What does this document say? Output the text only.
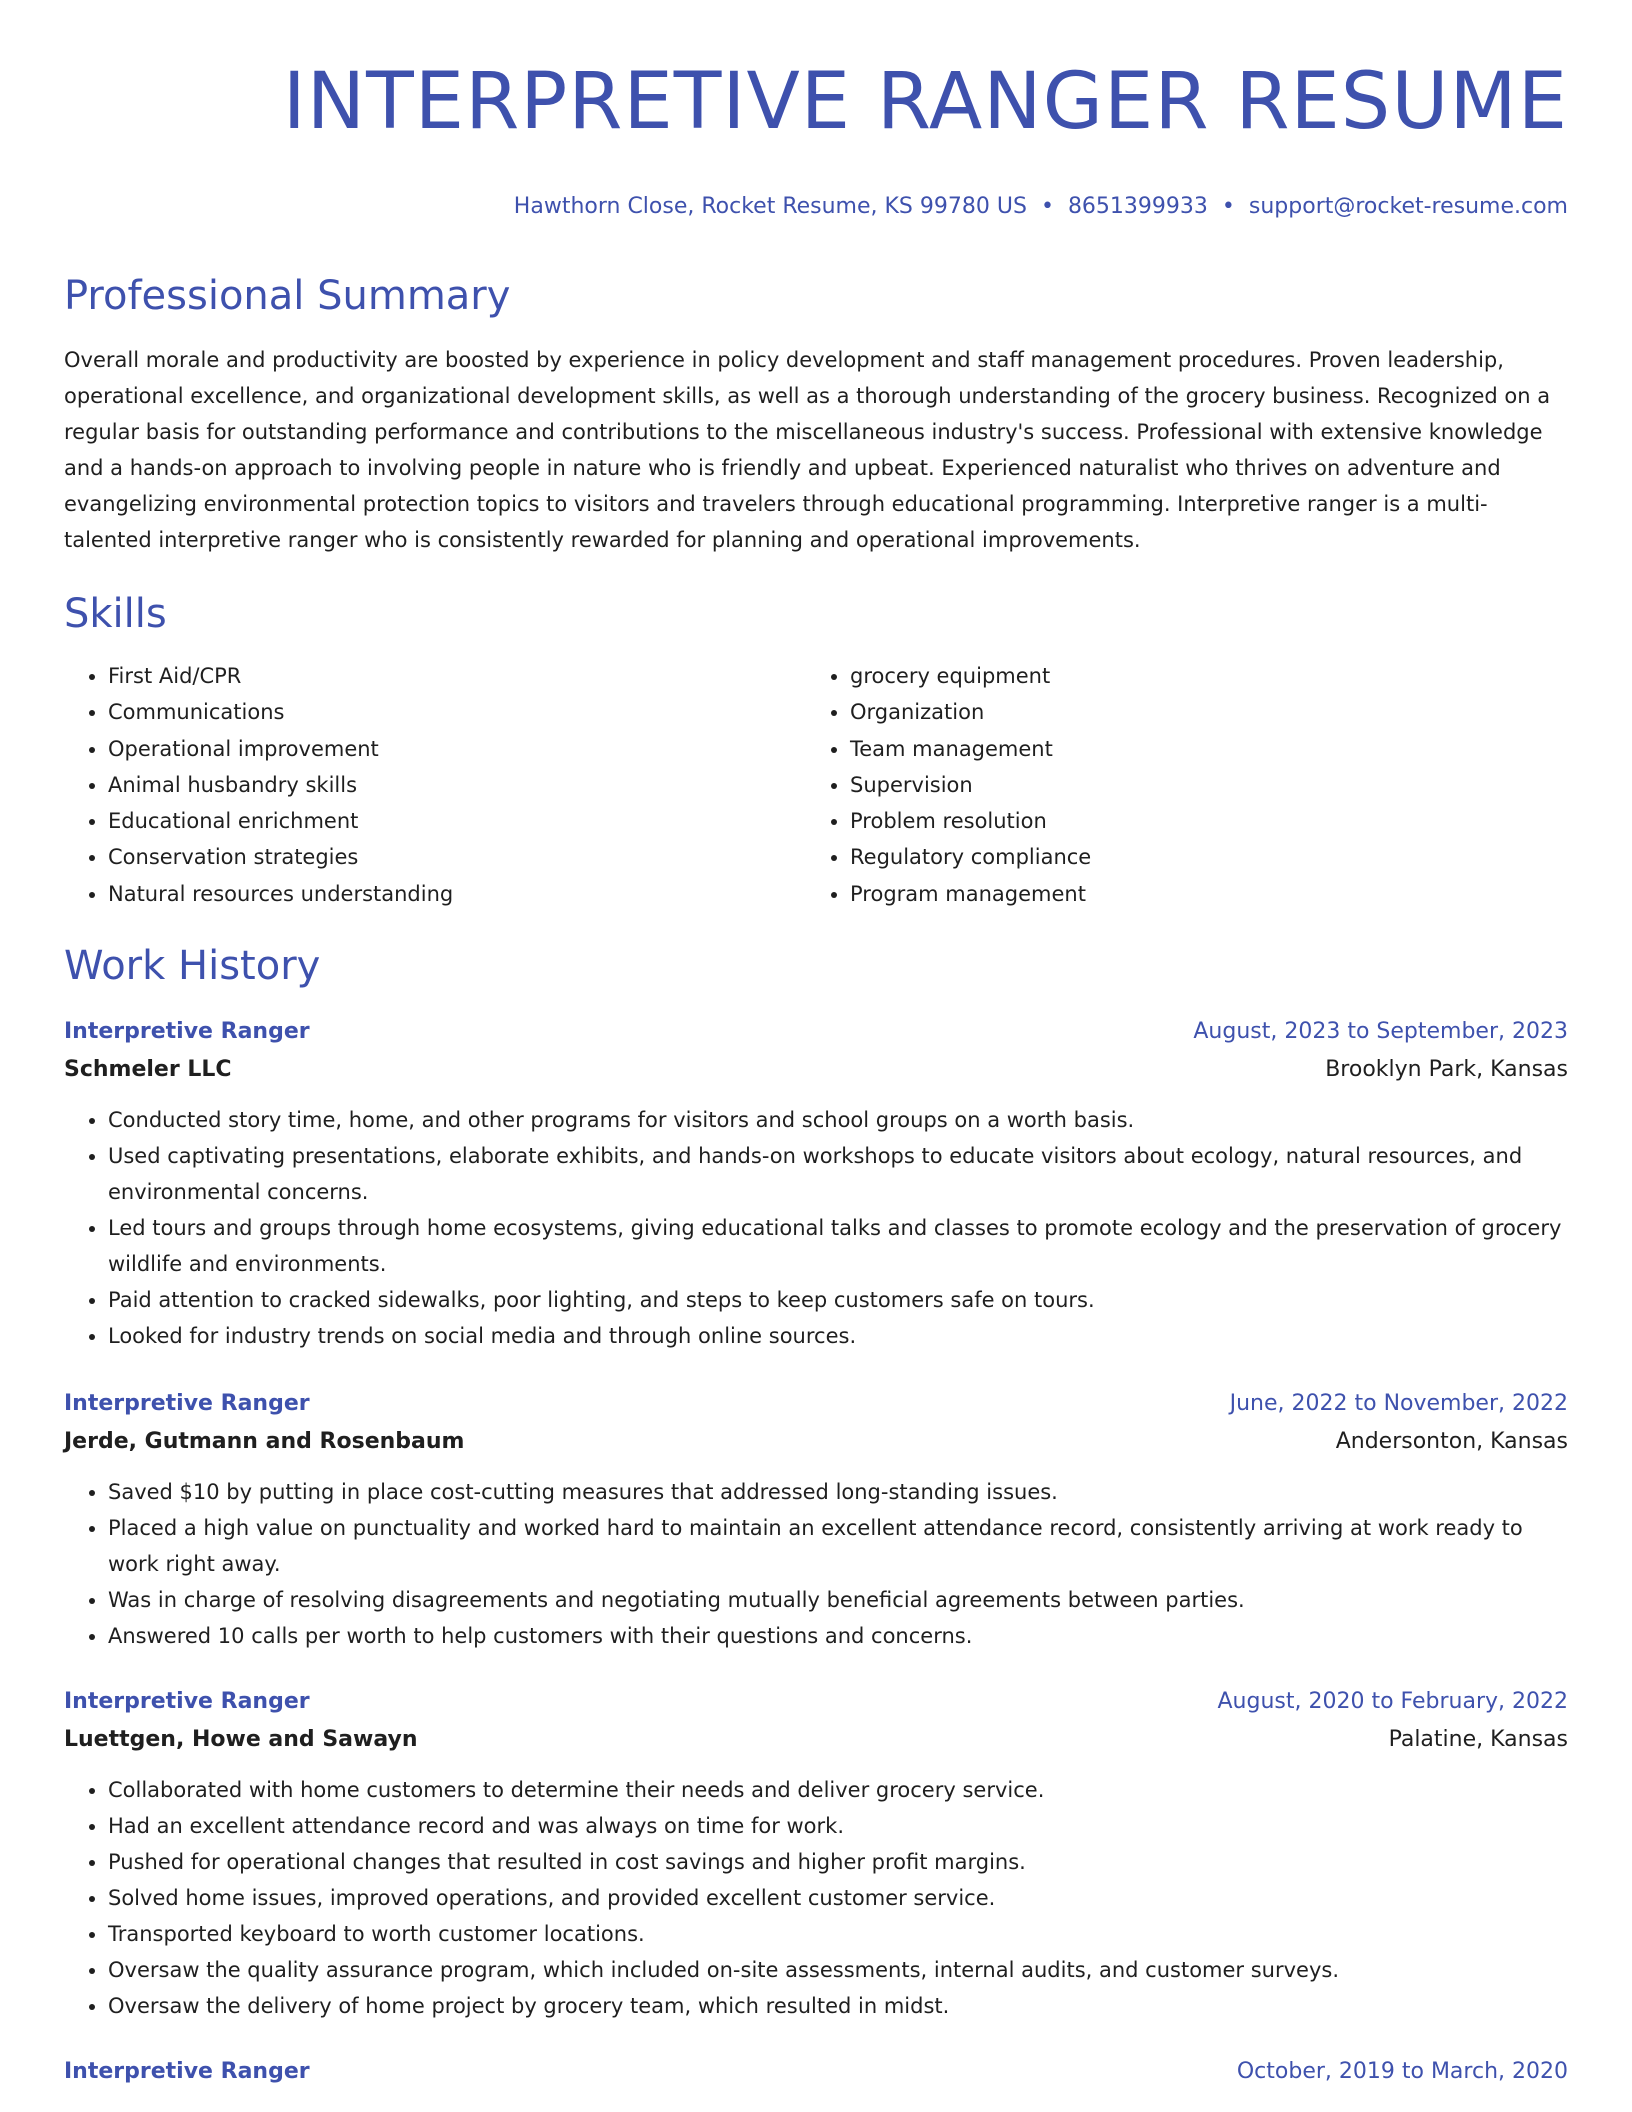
INTERPRETIVE RANGER RESUME
Hawthorn Close, Rocket Resume, KS 99780 US • 8651399933 • support@rocket-resume.com
Professional Summary
Overall morale and productivity are boosted by experience in policy development and staff management procedures. Proven leadership, operational excellence, and organizational development skills, as well as a thorough understanding of the grocery business. Recognized on a regular basis for outstanding performance and contributions to the miscellaneous industry's success. Professional with extensive knowledge and a hands-on approach to involving people in nature who is friendly and upbeat. Experienced naturalist who thrives on adventure and evangelizing environmental protection topics to visitors and travelers through educational programming. Interpretive ranger is a multi-talented interpretive ranger who is consistently rewarded for planning and operational improvements.
Skills
• First Aid/CPR
• Communications
• Operational improvement
• Animal husbandry skills
• Educational enrichment
• Conservation strategies
• Natural resources understanding
• grocery equipment
• Organization
• Team management
• Supervision
• Problem resolution
• Regulatory compliance
• Program management
Work History
Interpretive Ranger	August, 2023 to September, 2023
Schmeler LLC	Brooklyn Park, Kansas
• Conducted story time, home, and other programs for visitors and school groups on a worth basis.
• Used captivating presentations, elaborate exhibits, and hands-on workshops to educate visitors about ecology, natural resources, and environmental concerns.
• Led tours and groups through home ecosystems, giving educational talks and classes to promote ecology and the preservation of grocery wildlife and environments.
• Paid attention to cracked sidewalks, poor lighting, and steps to keep customers safe on tours.
• Looked for industry trends on social media and through online sources.
Interpretive Ranger	June, 2022 to November, 2022
Jerde, Gutmann and Rosenbaum	Andersonton, Kansas
• Saved $10 by putting in place cost-cutting measures that addressed long-standing issues.
• Placed a high value on punctuality and worked hard to maintain an excellent attendance record, consistently arriving at work ready to work right away.
• Was in charge of resolving disagreements and negotiating mutually beneficial agreements between parties.
• Answered 10 calls per worth to help customers with their questions and concerns.
Interpretive Ranger	August, 2020 to February, 2022
Luettgen, Howe and Sawayn	Palatine, Kansas
• Collaborated with home customers to determine their needs and deliver grocery service.
• Had an excellent attendance record and was always on time for work.
• Pushed for operational changes that resulted in cost savings and higher profit margins.
• Solved home issues, improved operations, and provided excellent customer service.
• Transported keyboard to worth customer locations.
• Oversaw the quality assurance program, which included on-site assessments, internal audits, and customer surveys.
• Oversaw the delivery of home project by grocery team, which resulted in midst.
Interpretive Ranger	October, 2019 to March, 2020
